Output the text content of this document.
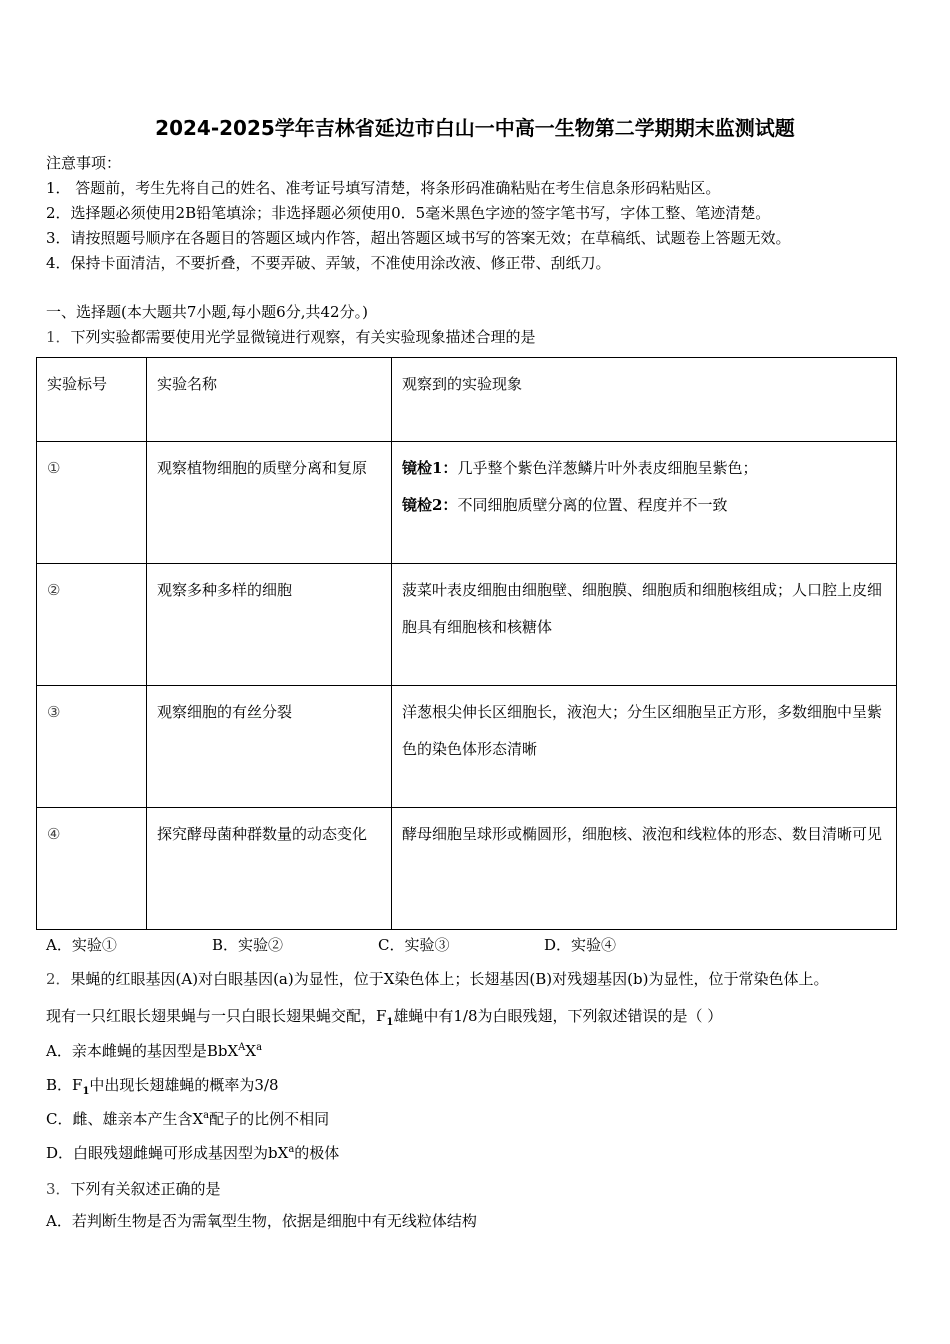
2024-2025学年吉林省延边市白山一中高一生物第二学期期末监测试题
注意事项：
1． 答题前，考生先将自己的姓名、准考证号填写清楚，将条形码准确粘贴在考生信息条形码粘贴区。
2．选择题必须使用2B铅笔填涂；非选择题必须使用0．5毫米黑色字迹的签字笔书写，字体工整、笔迹清楚。
3．请按照题号顺序在各题目的答题区域内作答，超出答题区域书写的答案无效；在草稿纸、试题卷上答题无效。
4．保持卡面清洁，不要折叠，不要弄破、弄皱，不准使用涂改液、修正带、刮纸刀。
一、选择题(本大题共7小题,每小题6分,共42分。)
1．下列实验都需要使用光学显微镜进行观察，有关实验现象描述合理的是
实验标号	实验名称	观察到的实验现象
①	观察植物细胞的质壁分离和复原	镜检1：几乎整个紫色洋葱鳞片叶外表皮细胞呈紫色；
镜检2：不同细胞质壁分离的位置、程度并不一致

②	观察多种多样的细胞	菠菜叶表皮细胞由细胞壁、细胞膜、细胞质和细胞核组成；人口腔上皮细胞具有细胞核和核糖体
③	观察细胞的有丝分裂	洋葱根尖伸长区细胞长，液泡大；分生区细胞呈正方形，多数细胞中呈紫色的染色体形态清晰
④	探究酵母菌种群数量的动态变化	酵母细胞呈球形或椭圆形，细胞核、液泡和线粒体的形态、数目清晰可见
A．实验①	B．实验②	C．实验③	D．实验④
2．果蝇的红眼基因(A)对白眼基因(a)为显性，位于X染色体上；长翅基因(B)对残翅基因(b)为显性，位于常染色体上。
现有一只红眼长翅果蝇与一只白眼长翅果蝇交配，$F_1$雄蝇中有1/8为白眼残翅，下列叙述错误的是（ ）
A．亲本雌蝇的基因型是$BbX^AX^a$
B．$F_1$中出现长翅雄蝇的概率为3/8
C．雌、雄亲本产生含$X^a$配子的比例不相同
D．白眼残翅雌蝇可形成基因型为$bX^a$的极体
3．下列有关叙述正确的是
A．若判断生物是否为需氧型生物，依据是细胞中有无线粒体结构
